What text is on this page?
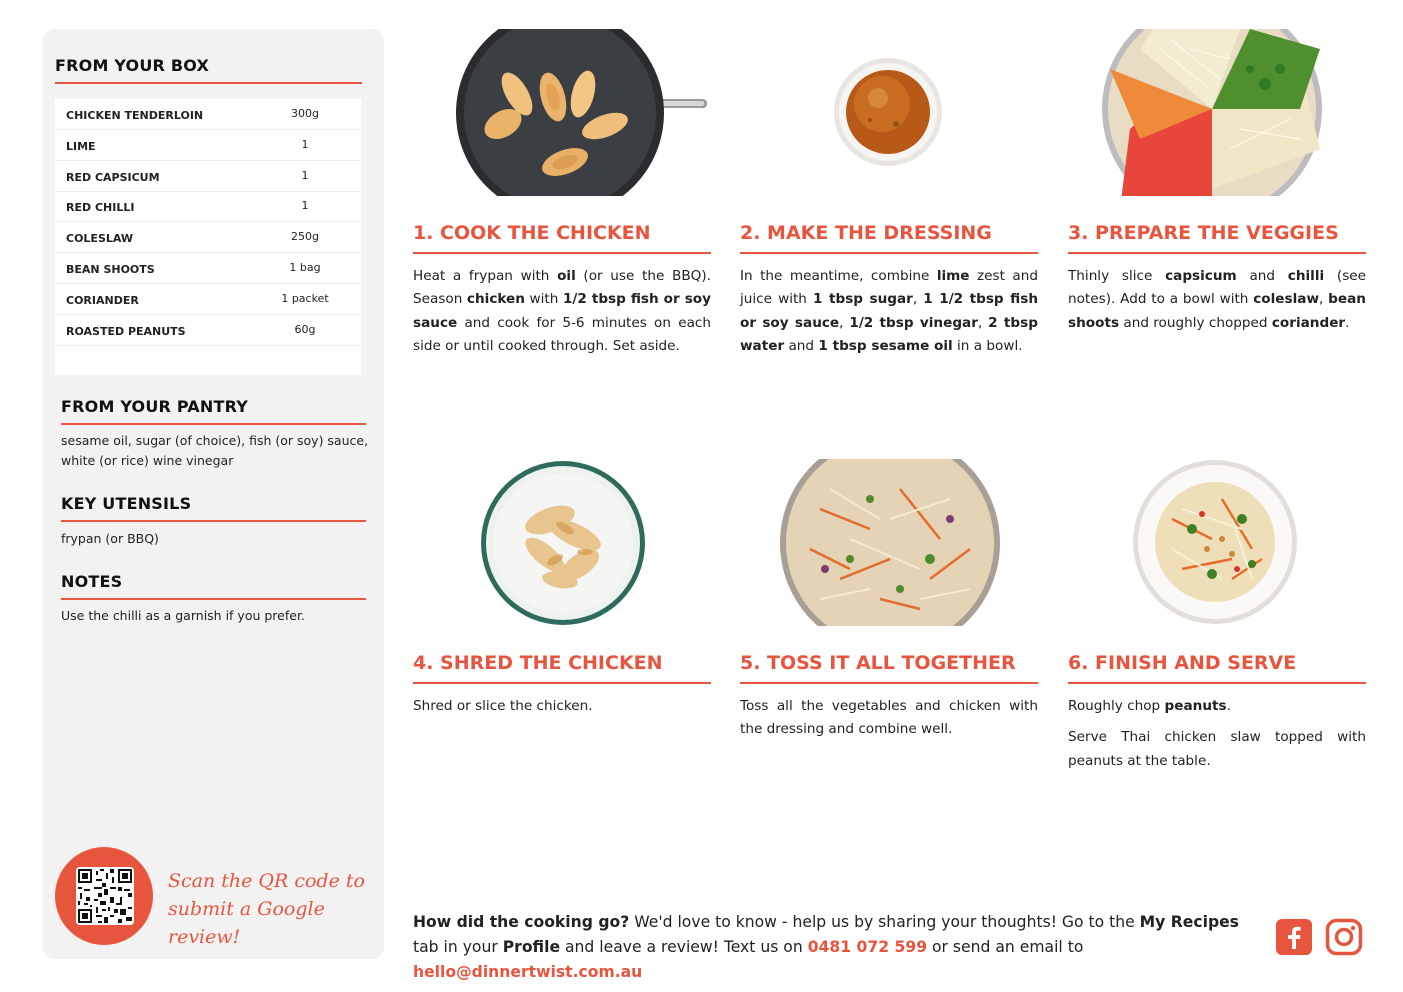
FROM YOUR BOX
CHICKEN TENDERLOIN	300g
LIME	1
RED CAPSICUM	1
RED CHILLI	1
COLESLAW	250g
BEAN SHOOTS	1 bag
CORIANDER	1 packet
ROASTED PEANUTS	60g
FROM YOUR PANTRY
sesame oil, sugar (of choice), fish (or soy) sauce, white (or rice) wine vinegar
KEY UTENSILS
frypan (or BBQ)
NOTES
Use the chilli as a garnish if you prefer.
Scan the QR code to submit a Google review!
1. COOK THE CHICKEN

Heat a frypan with oil (or use the BBQ). Season chicken with 1/2 tbsp fish or soy sauce and cook for 5-6 minutes on each side or until cooked through. Set aside.

2. MAKE THE DRESSING

In the meantime, combine lime zest and juice with 1 tbsp sugar, 1 1/2 tbsp fish or soy sauce, 1/2 tbsp vinegar, 2 tbsp water and 1 tbsp sesame oil in a bowl.

3. PREPARE THE VEGGIES

Thinly slice capsicum and chilli (see notes). Add to a bowl with coleslaw, bean shoots and roughly chopped coriander.

4. SHRED THE CHICKEN

Shred or slice the chicken.

5. TOSS IT ALL TOGETHER

Toss all the vegetables and chicken with the dressing and combine well.

6. FINISH AND SERVE

Roughly chop peanuts.

Serve Thai chicken slaw topped with peanuts at the table.

How did the cooking go? We'd love to know - help us by sharing your thoughts! Go to the My Recipes tab in your Profile and leave a review! Text us on 0481 072 599 or send an email to hello@dinnertwist.com.au
